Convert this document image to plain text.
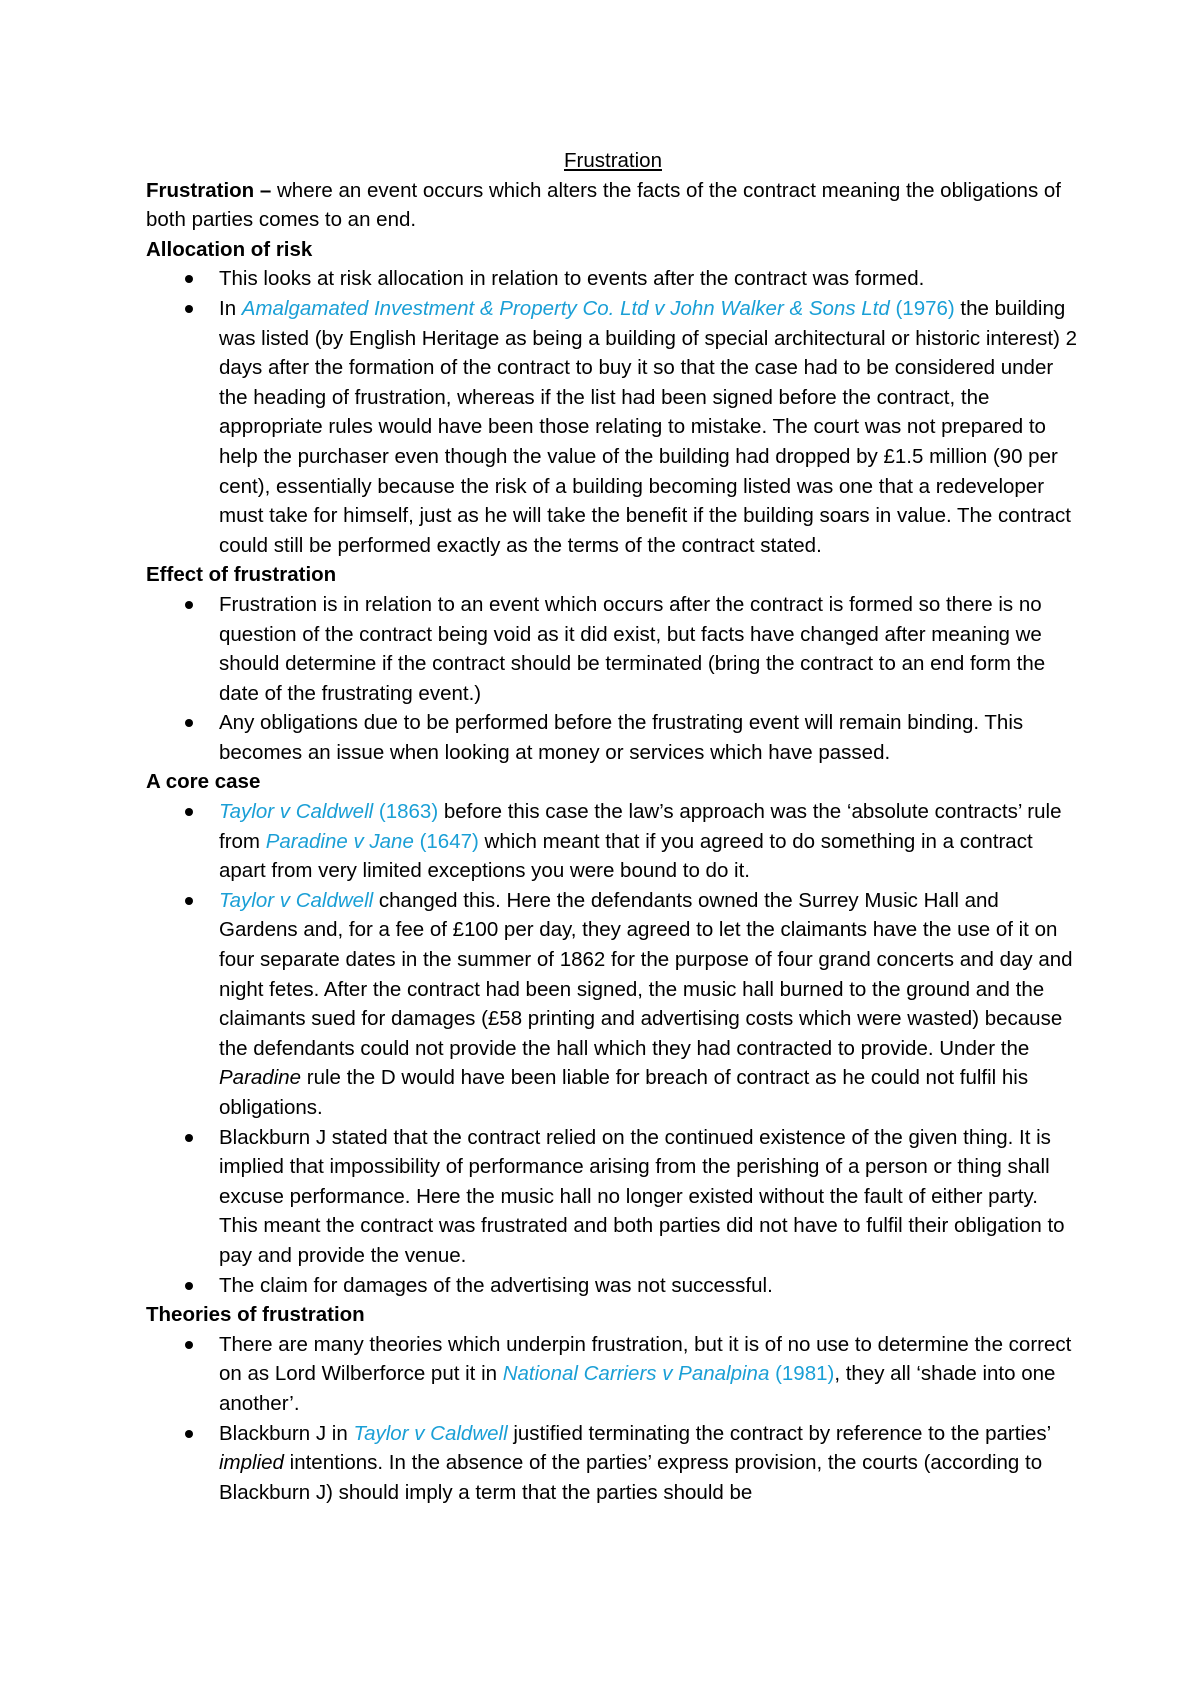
Frustration

Frustration – where an event occurs which alters the facts of the contract meaning the obligations of both parties comes to an end.

Allocation of risk
This looks at risk allocation in relation to events after the contract was formed.
In Amalgamated Investment & Property Co. Ltd v John Walker & Sons Ltd (1976) the building was listed (by English Heritage as being a building of special architectural or historic interest) 2 days after the formation of the contract to buy it so that the case had to be considered under the heading of frustration, whereas if the list had been signed before the contract, the appropriate rules would have been those relating to mistake. The court was not prepared to help the purchaser even though the value of the building had dropped by £1.5 million (90 per cent), essentially because the risk of a building becoming listed was one that a redeveloper must take for himself, just as he will take the benefit if the building soars in value. The contract could still be performed exactly as the terms of the contract stated.
Effect of frustration
Frustration is in relation to an event which occurs after the contract is formed so there is no question of the contract being void as it did exist, but facts have changed after meaning we should determine if the contract should be terminated (bring the contract to an end form the date of the frustrating event.)
Any obligations due to be performed before the frustrating event will remain binding. This becomes an issue when looking at money or services which have passed.
A core case
Taylor v Caldwell (1863) before this case the law’s approach was the ‘absolute contracts’ rule from Paradine v Jane (1647) which meant that if you agreed to do something in a contract apart from very limited exceptions you were bound to do it.
Taylor v Caldwell changed this. Here the defendants owned the Surrey Music Hall and Gardens and, for a fee of £100 per day, they agreed to let the claimants have the use of it on four separate dates in the summer of 1862 for the purpose of four grand concerts and day and night fetes. After the contract had been signed, the music hall burned to the ground and the claimants sued for damages (£58 printing and advertising costs which were wasted) because the defendants could not provide the hall which they had contracted to provide. Under the Paradine rule the D would have been liable for breach of contract as he could not fulfil his obligations.
Blackburn J stated that the contract relied on the continued existence of the given thing. It is implied that impossibility of performance arising from the perishing of a person or thing shall excuse performance. Here the music hall no longer existed without the fault of either party. This meant the contract was frustrated and both parties did not have to fulfil their obligation to pay and provide the venue.
The claim for damages of the advertising was not successful.
Theories of frustration
There are many theories which underpin frustration, but it is of no use to determine the correct on as Lord Wilberforce put it in National Carriers v Panalpina (1981), they all ‘shade into one another’.
Blackburn J in Taylor v Caldwell justified terminating the contract by reference to the parties’ implied intentions. In the absence of the parties’ express provision, the courts (according to Blackburn J) should imply a term that the parties should be
